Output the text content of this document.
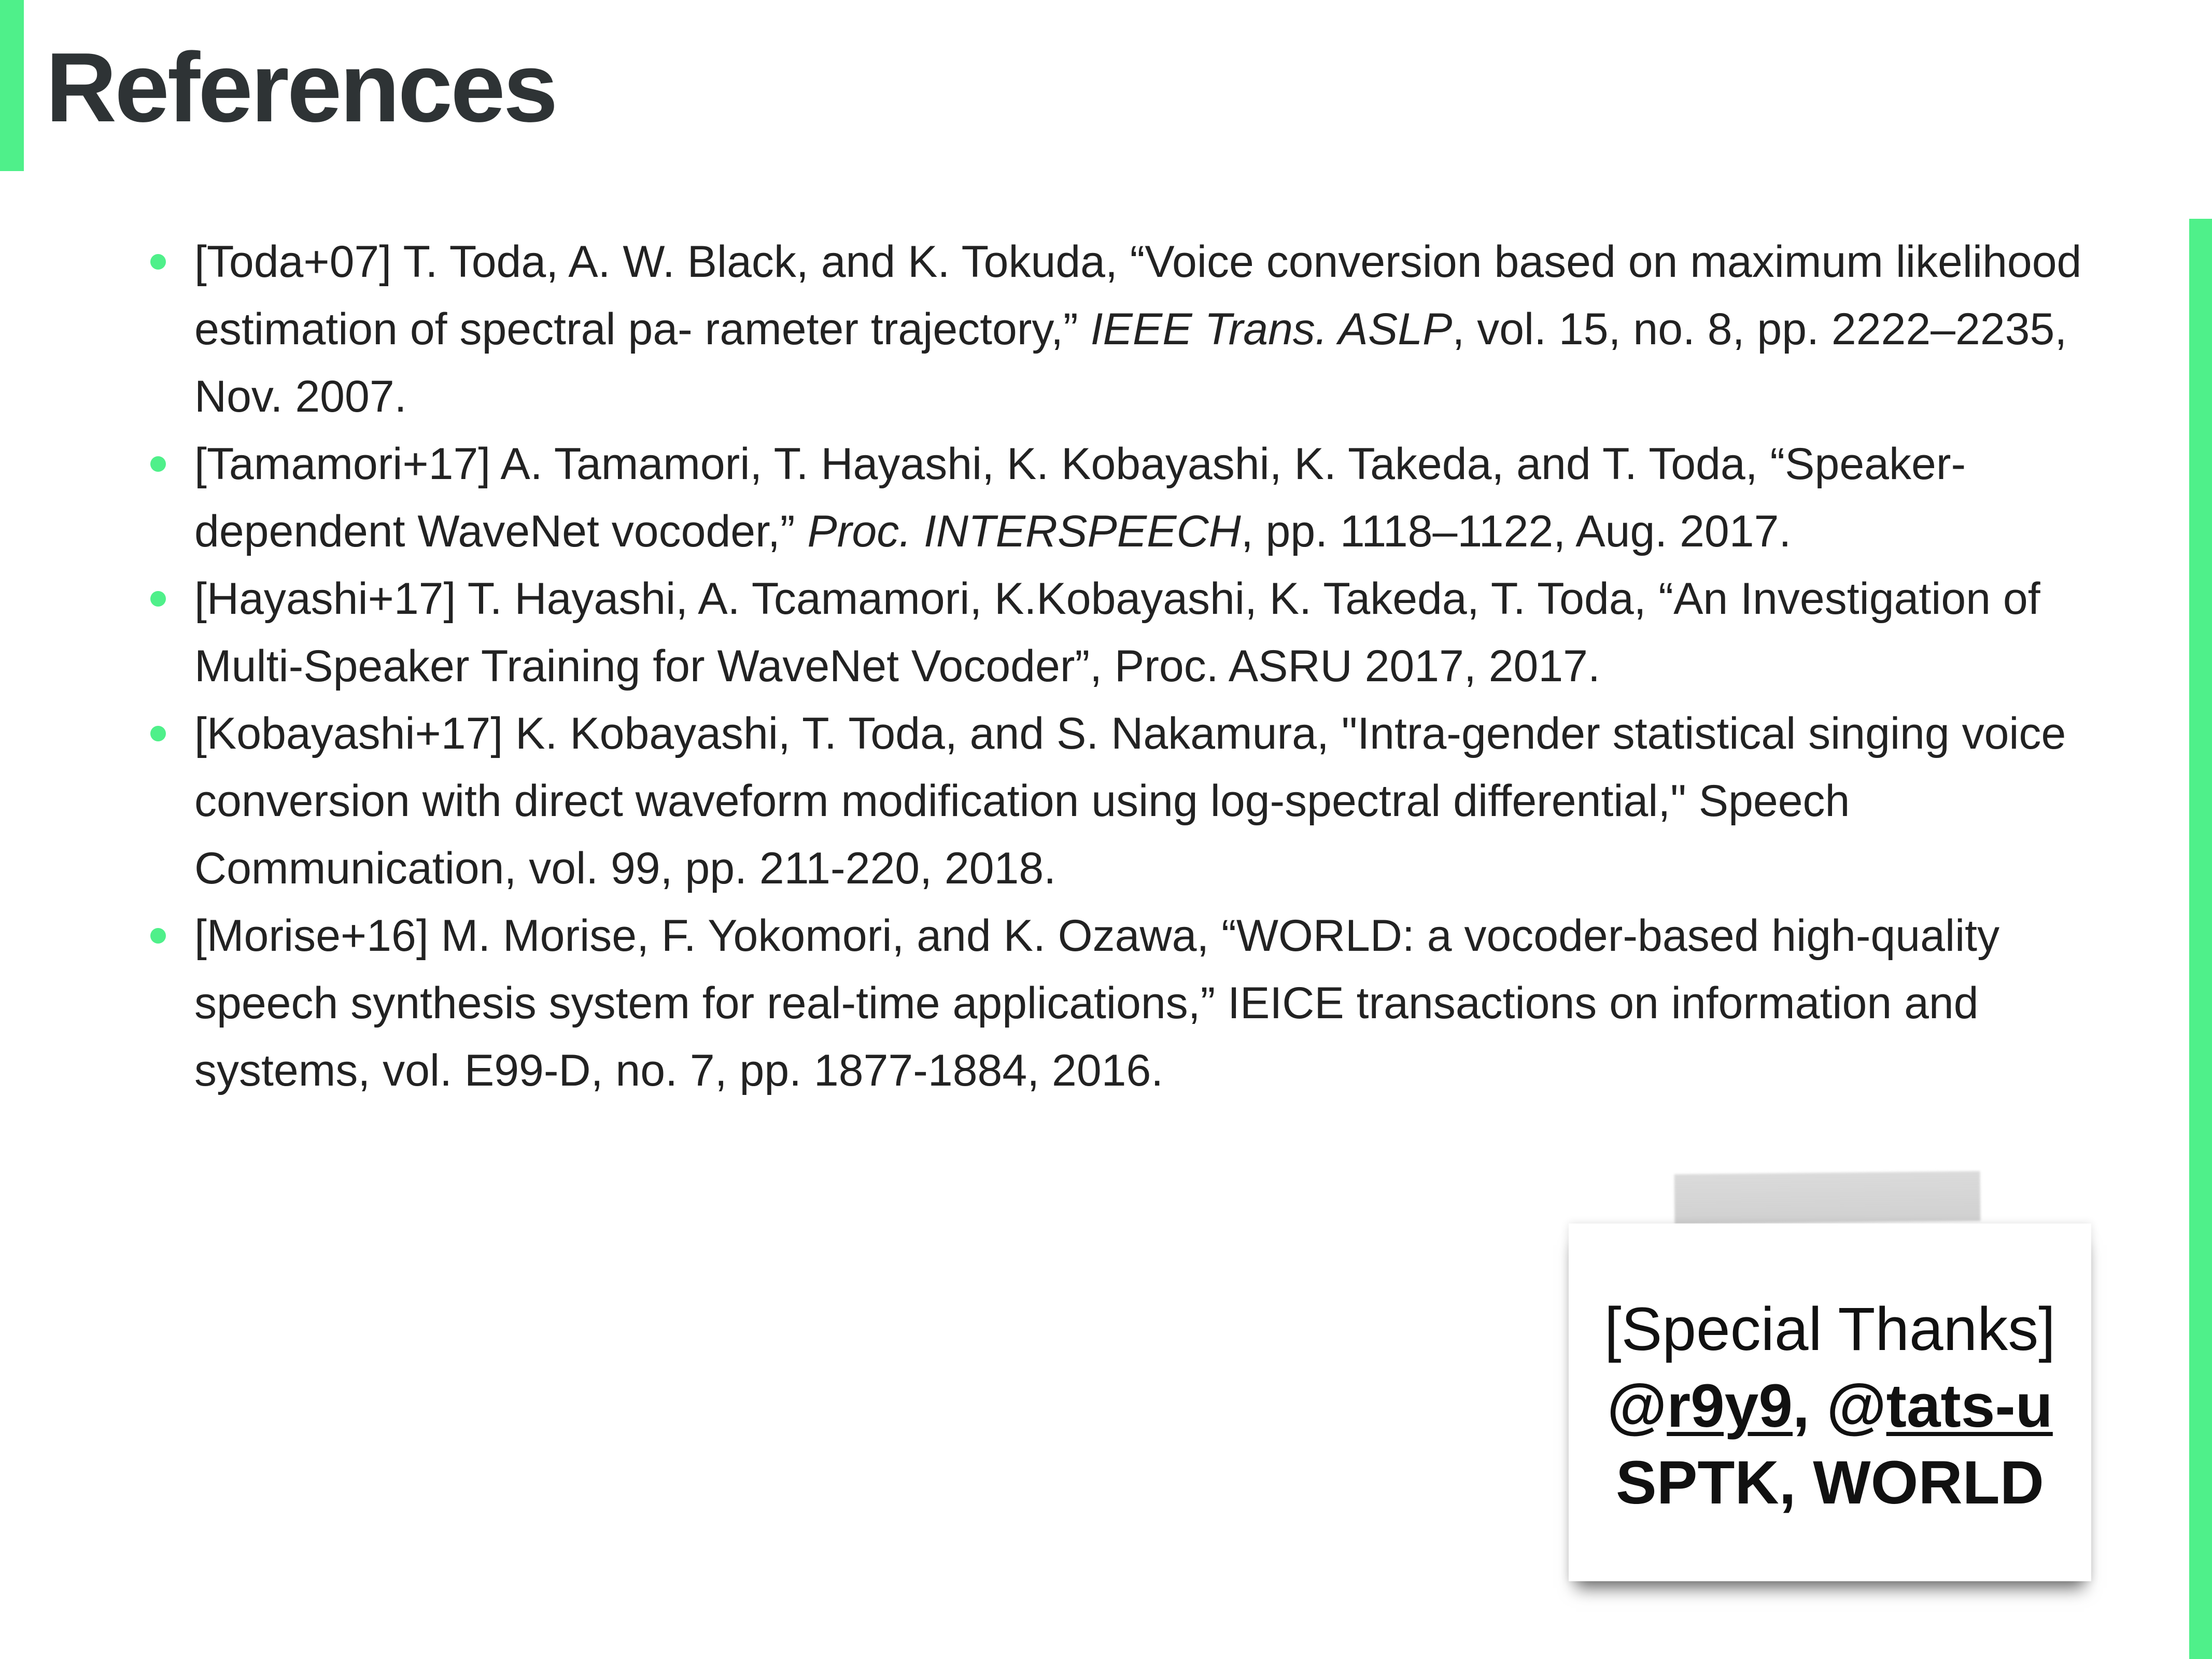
References
[Toda+07] T. Toda, A. W. Black, and K. Tokuda, “Voice conversion based on maximum likelihood estimation of spectral pa- rameter trajectory,” IEEE Trans. ASLP, vol. 15, no. 8, pp. 2222–2235, Nov. 2007.
[Tamamori+17] A. Tamamori, T. Hayashi, K. Kobayashi, K. Takeda, and T. Toda, “Speaker-dependent WaveNet vocoder,” Proc. INTERSPEECH, pp. 1118–1122, Aug. 2017.
[Hayashi+17] T. Hayashi, A. Tcamamori, K.Kobayashi, K. Takeda, T. Toda, “An Investigation of Multi-Speaker Training for WaveNet Vocoder”, Proc. ASRU 2017, 2017.
[Kobayashi+17] K. Kobayashi, T. Toda, and S. Nakamura, "Intra-gender statistical singing voice conversion with direct waveform modification using log-spectral differential," Speech Communication, vol. 99, pp. 211-220, 2018.
[Morise+16] M. Morise, F. Yokomori, and K. Ozawa, “WORLD: a vocoder-based high-quality speech synthesis system for real-time applications,” IEICE transactions on information and systems, vol. E99-D, no. 7, pp. 1877-1884, 2016.
[Special Thanks]
@r9y9, @tats-u
SPTK, WORLD
